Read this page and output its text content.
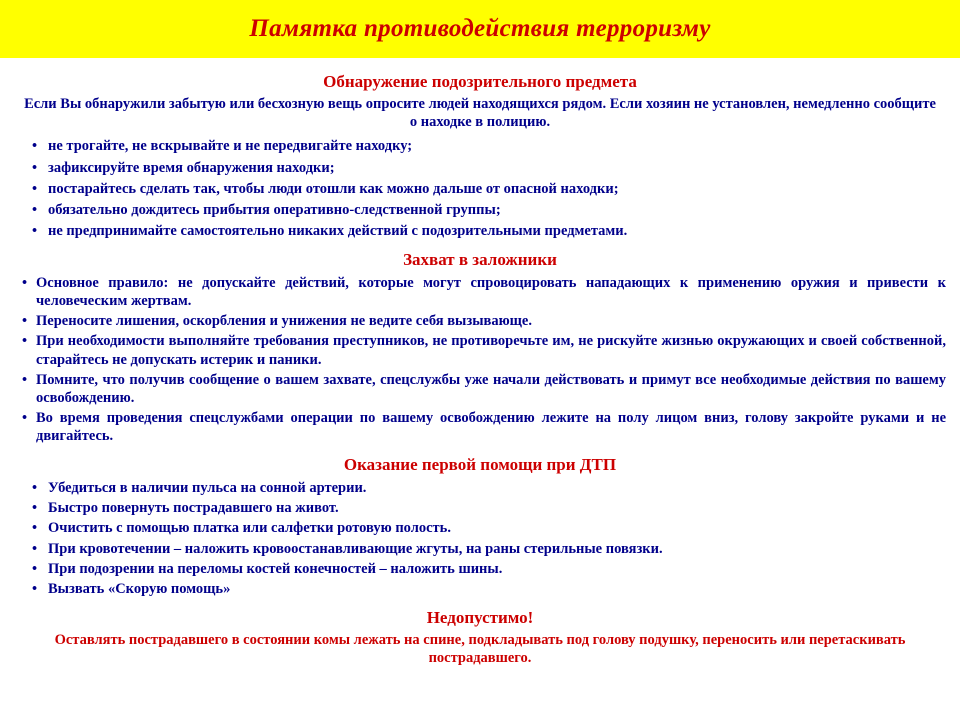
Памятка противодействия терроризму
Обнаружение подозрительного предмета
Если Вы обнаружили забытую или бесхозную вещь опросите людей находящихся рядом. Если хозяин не установлен, немедленно сообщите о находке в полицию.
• не трогайте, не вскрывайте и не передвигайте находку;
• зафиксируйте время обнаружения находки;
• постарайтесь сделать так, чтобы люди отошли как можно дальше от опасной находки;
• обязательно дождитесь прибытия оперативно-следственной группы;
• не предпринимайте самостоятельно никаких действий с подозрительными предметами.
Захват в заложники
• Основное правило: не допускайте действий, которые могут спровоцировать нападающих к применению оружия и привести к человеческим жертвам.
• Переносите лишения, оскорбления и унижения не ведите себя вызывающе.
• При необходимости выполняйте требования преступников, не противоречьте им, не рискуйте жизнью окружающих и своей собственной, старайтесь не допускать истерик и паники.
• Помните, что получив сообщение о вашем захвате, спецслужбы уже начали действовать и примут все необходимые действия по вашему освобождению.
• Во время проведения спецслужбами операции по вашему освобождению лежите на полу лицом вниз, голову закройте руками и не двигайтесь.
Оказание первой помощи при ДТП
• Убедиться в наличии пульса на сонной артерии.
• Быстро повернуть пострадавшего на живот.
• Очистить с помощью платка или салфетки ротовую полость.
• При кровотечении – наложить кровоостанавливающие жгуты, на раны стерильные повязки.
• При подозрении на переломы костей конечностей – наложить шины.
• Вызвать «Скорую помощь»
Недопустимо!
Оставлять пострадавшего в состоянии комы лежать на спине, подкладывать под голову подушку, переносить или перетаскивать пострадавшего.
